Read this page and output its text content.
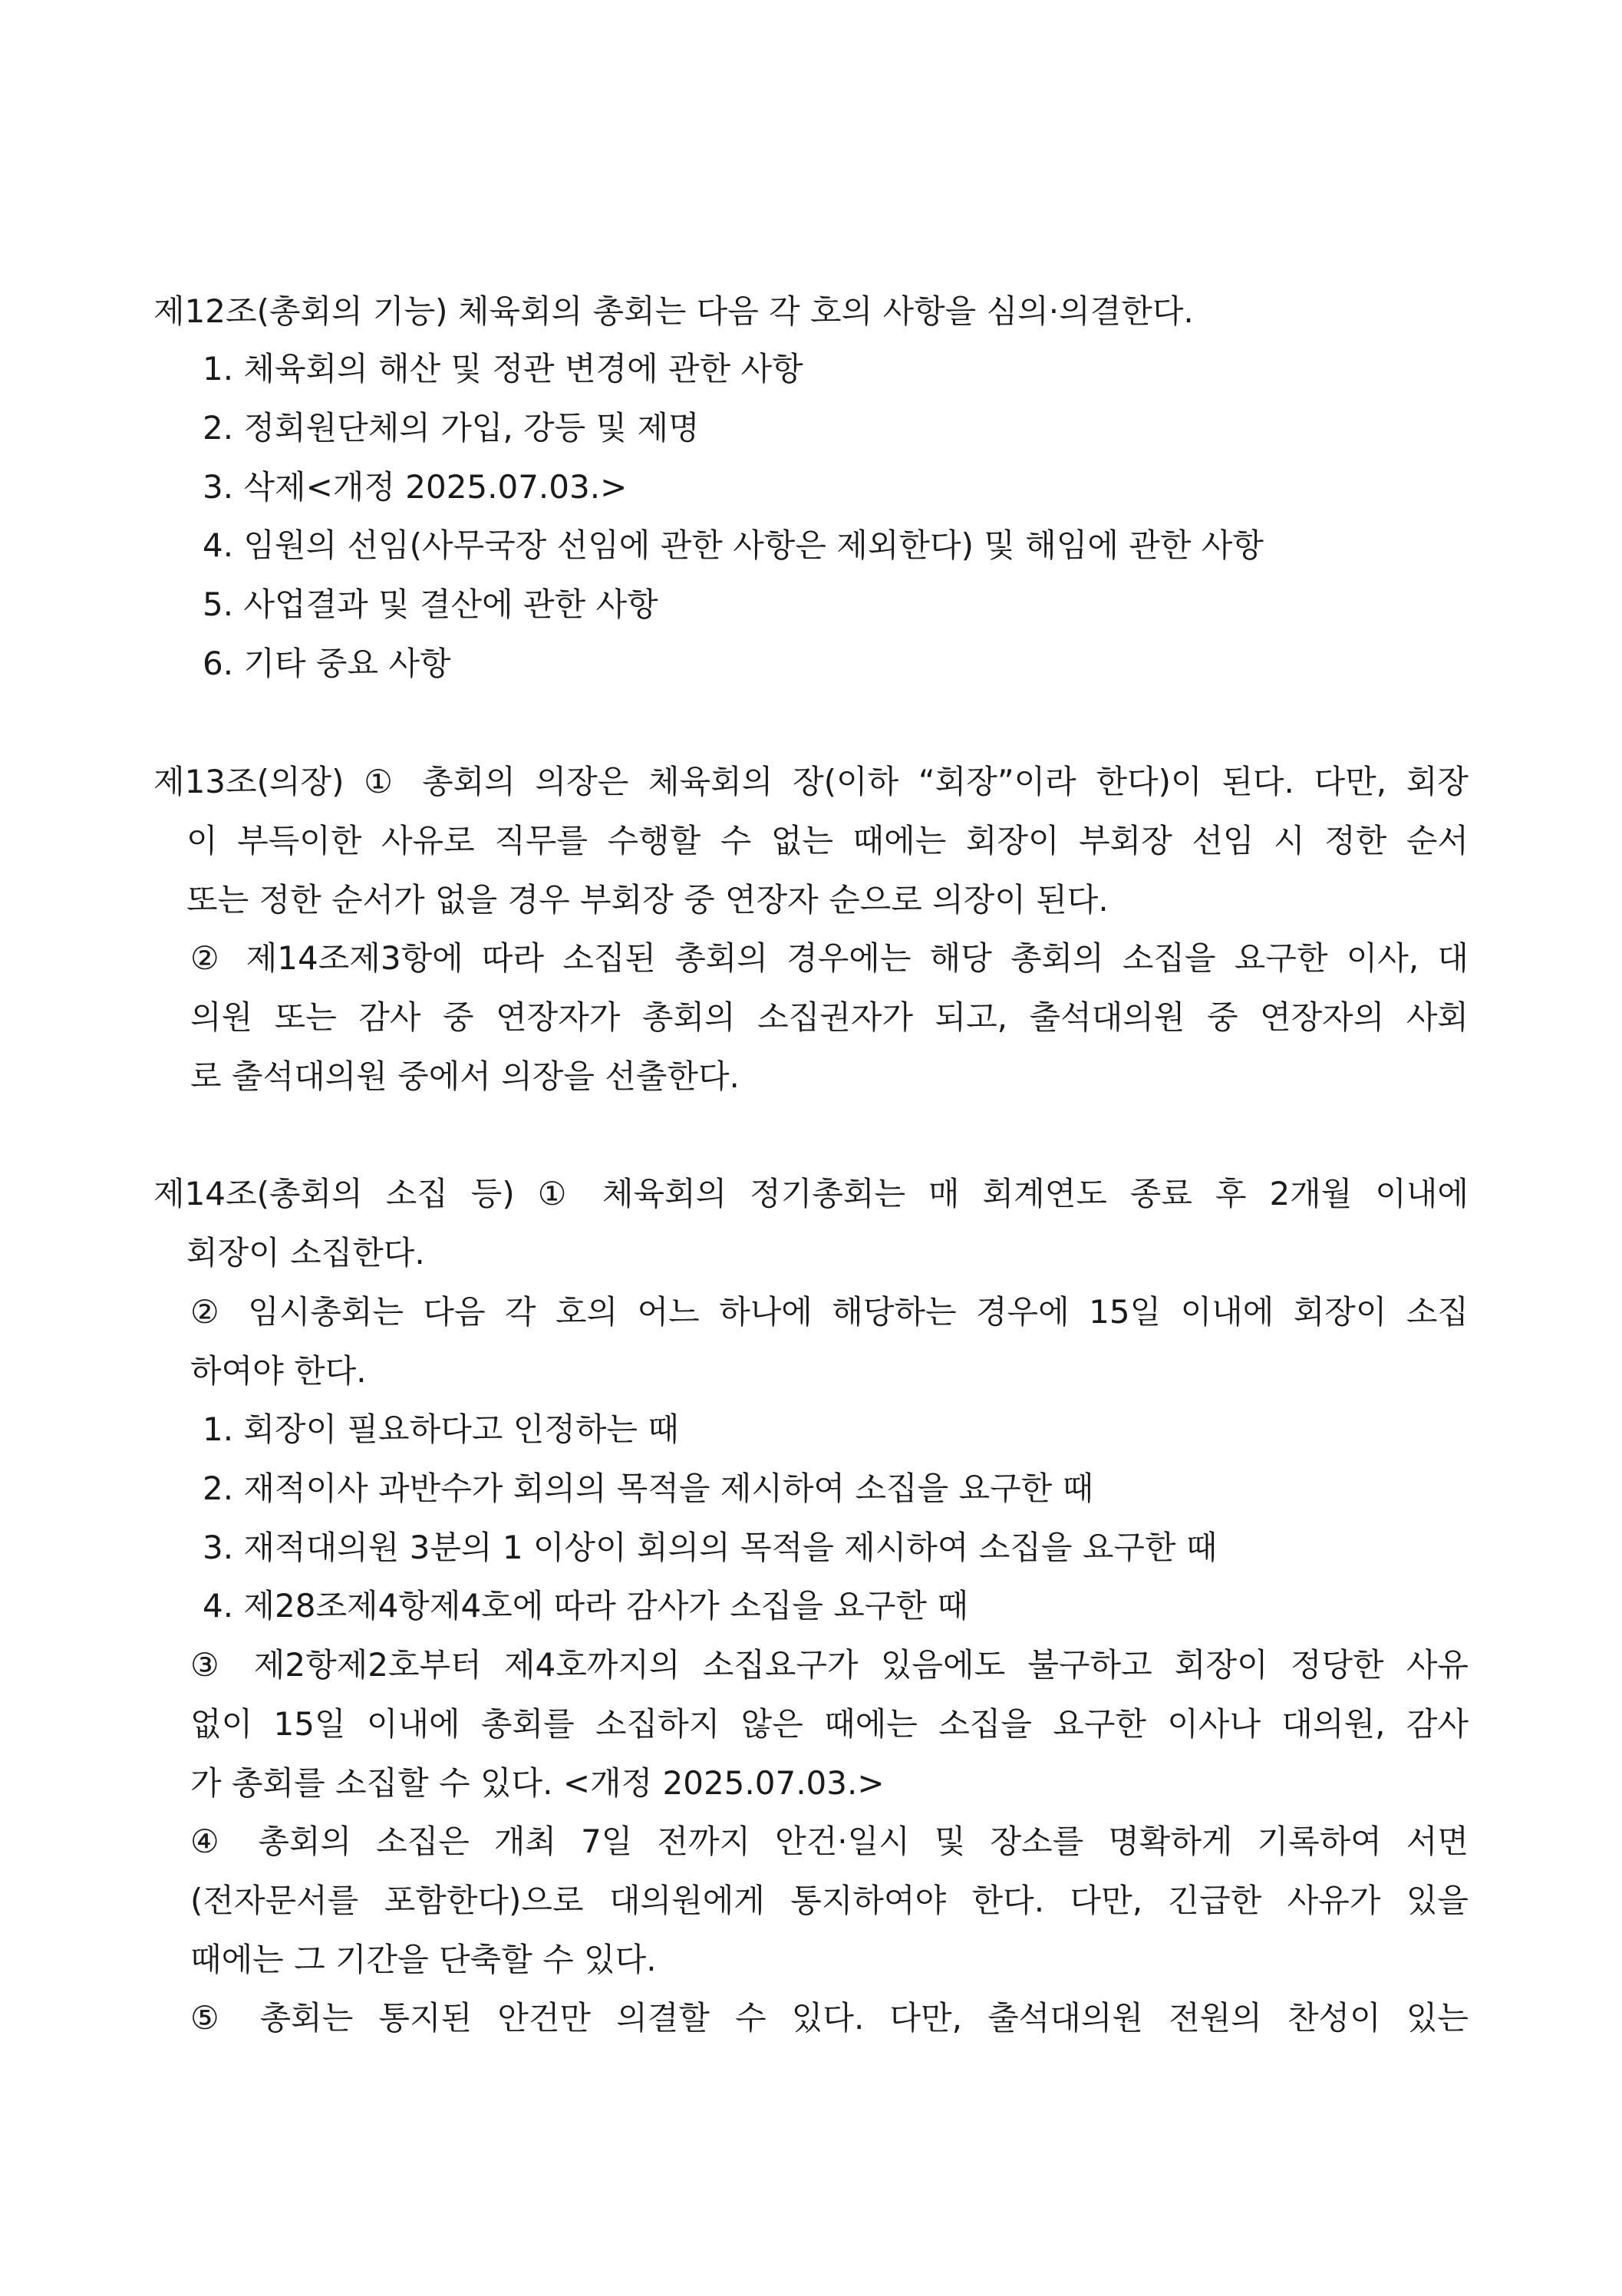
제12조(총회의 기능) 체육회의 총회는 다음 각 호의 사항을 심의·의결한다.
1. 체육회의 해산 및 정관 변경에 관한 사항
2. 정회원단체의 가입, 강등 및 제명
3. 삭제<개정 2025.07.03.>
4. 임원의 선임(사무국장 선임에 관한 사항은 제외한다) 및 해임에 관한 사항
5. 사업결과 및 결산에 관한 사항
6. 기타 중요 사항
제13조(의장) ① 총회의 의장은 체육회의 장(이하 “회장”이라 한다)이 된다. 다만, 회장
이 부득이한 사유로 직무를 수행할 수 없는 때에는 회장이 부회장 선임 시 정한 순서
또는 정한 순서가 없을 경우 부회장 중 연장자 순으로 의장이 된다.
② 제14조제3항에 따라 소집된 총회의 경우에는 해당 총회의 소집을 요구한 이사, 대
의원 또는 감사 중 연장자가 총회의 소집권자가 되고, 출석대의원 중 연장자의 사회
로 출석대의원 중에서 의장을 선출한다.
제14조(총회의 소집 등) ① 체육회의 정기총회는 매 회계연도 종료 후 2개월 이내에
회장이 소집한다.
② 임시총회는 다음 각 호의 어느 하나에 해당하는 경우에 15일 이내에 회장이 소집
하여야 한다.
1. 회장이 필요하다고 인정하는 때
2. 재적이사 과반수가 회의의 목적을 제시하여 소집을 요구한 때
3. 재적대의원 3분의 1 이상이 회의의 목적을 제시하여 소집을 요구한 때
4. 제28조제4항제4호에 따라 감사가 소집을 요구한 때
③ 제2항제2호부터 제4호까지의 소집요구가 있음에도 불구하고 회장이 정당한 사유
없이 15일 이내에 총회를 소집하지 않은 때에는 소집을 요구한 이사나 대의원, 감사
가 총회를 소집할 수 있다. <개정 2025.07.03.>
④ 총회의 소집은 개최 7일 전까지 안건·일시 및 장소를 명확하게 기록하여 서면
(전자문서를 포함한다)으로 대의원에게 통지하여야 한다. 다만, 긴급한 사유가 있을
때에는 그 기간을 단축할 수 있다.
⑤ 총회는 통지된 안건만 의결할 수 있다. 다만, 출석대의원 전원의 찬성이 있는
